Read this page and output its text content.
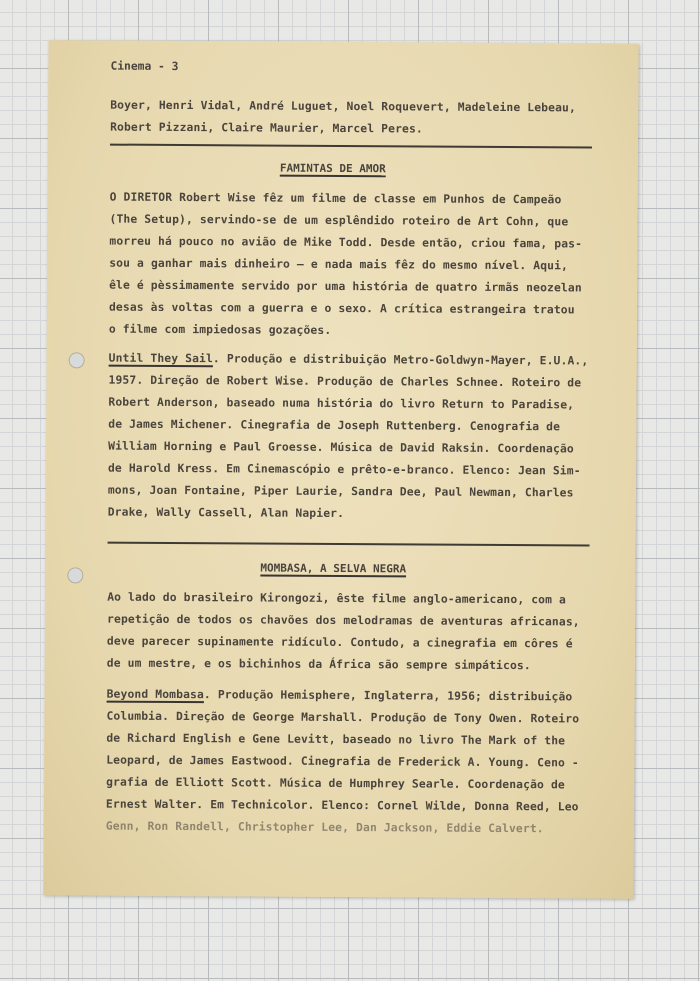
Cinema - 3
Boyer, Henri Vidal, André Luguet, Noel Roquevert, Madeleine Lebeau,
Robert Pizzani, Claire Maurier, Marcel Peres.
FAMINTAS DE AMOR
O DIRETOR Robert Wise fêz um filme de classe em Punhos de Campeão
(The Setup), servindo-se de um esplêndido roteiro de Art Cohn, que
morreu há pouco no avião de Mike Todd. Desde então, criou fama, pas-
sou a ganhar mais dinheiro — e nada mais fêz do mesmo nível. Aqui,
êle é pèssimamente servido por uma história de quatro irmãs neozelan
desas às voltas com a guerra e o sexo. A crítica estrangeira tratou
o filme com impiedosas gozações.
Until They Sail. Produção e distribuição Metro-Goldwyn-Mayer, E.U.A.,
1957. Direção de Robert Wise. Produção de Charles Schnee. Roteiro de
Robert Anderson, baseado numa história do livro Return to Paradise,
de James Michener. Cinegrafia de Joseph Ruttenberg. Cenografia de
William Horning e Paul Groesse. Música de David Raksin. Coordenação
de Harold Kress. Em Cinemascópio e prêto-e-branco. Elenco: Jean Sim-
mons, Joan Fontaine, Piper Laurie, Sandra Dee, Paul Newman, Charles
Drake, Wally Cassell, Alan Napier.
MOMBASA, A SELVA NEGRA
Ao lado do brasileiro Kirongozi, êste filme anglo-americano, com a
repetição de todos os chavões dos melodramas de aventuras africanas,
deve parecer supinamente ridículo. Contudo, a cinegrafia em côres é
de um mestre, e os bichinhos da África são sempre simpáticos.
Beyond Mombasa. Produção Hemisphere, Inglaterra, 1956; distribuição
Columbia. Direção de George Marshall. Produção de Tony Owen. Roteiro
de Richard English e Gene Levitt, baseado no livro The Mark of the
Leopard, de James Eastwood. Cinegrafia de Frederick A. Young. Ceno -
grafia de Elliott Scott. Música de Humphrey Searle. Coordenação de
Ernest Walter. Em Technicolor. Elenco: Cornel Wilde, Donna Reed, Leo
Genn, Ron Randell, Christopher Lee, Dan Jackson, Eddie Calvert.
